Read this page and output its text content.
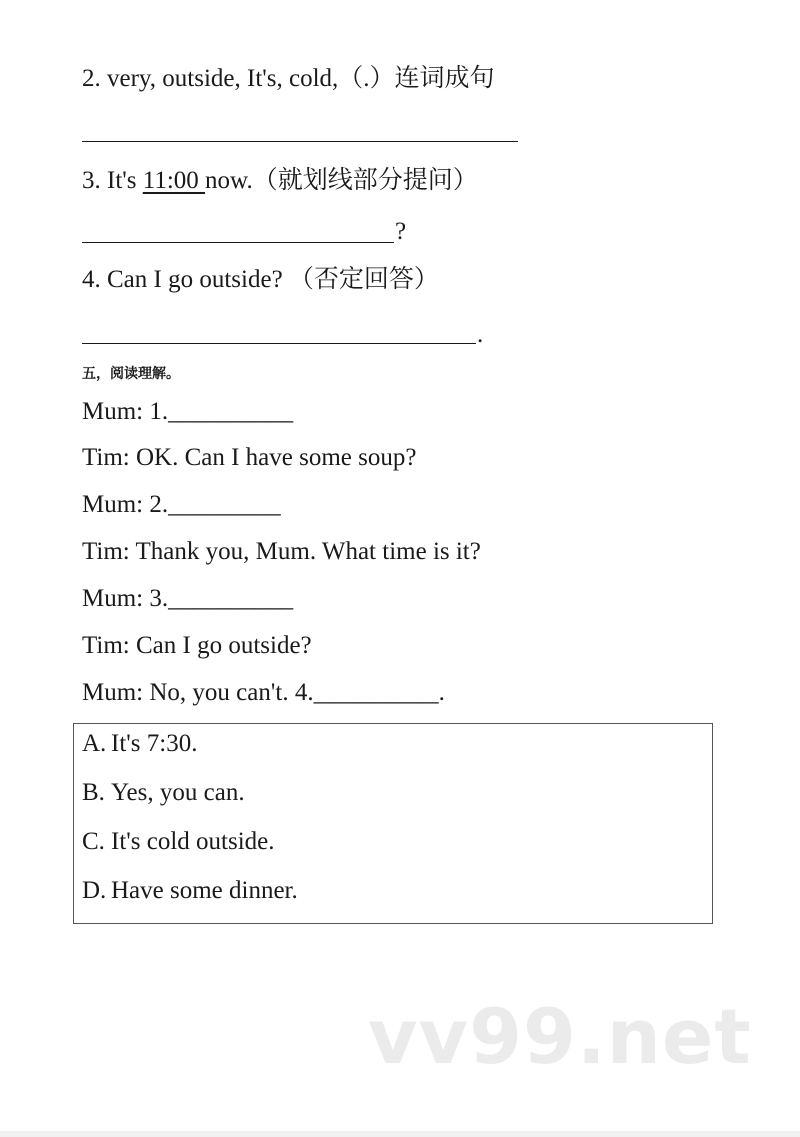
2. very, outside, It's, cold,（.）连词成句
3. It's 11:00 now.（就划线部分提问）
?
4. Can I go outside? （否定回答）
.
五，阅读理解。
Mum: 1.__________
Tim: OK. Can I have some soup?
Mum: 2._________
Tim: Thank you, Mum. What time is it?
Mum: 3.__________
Tim: Can I go outside?
Mum: No, you can't. 4.__________.
A. It's 7:30.
B. Yes, you can.
C. It's cold outside.
D. Have some dinner.
vv99.net
